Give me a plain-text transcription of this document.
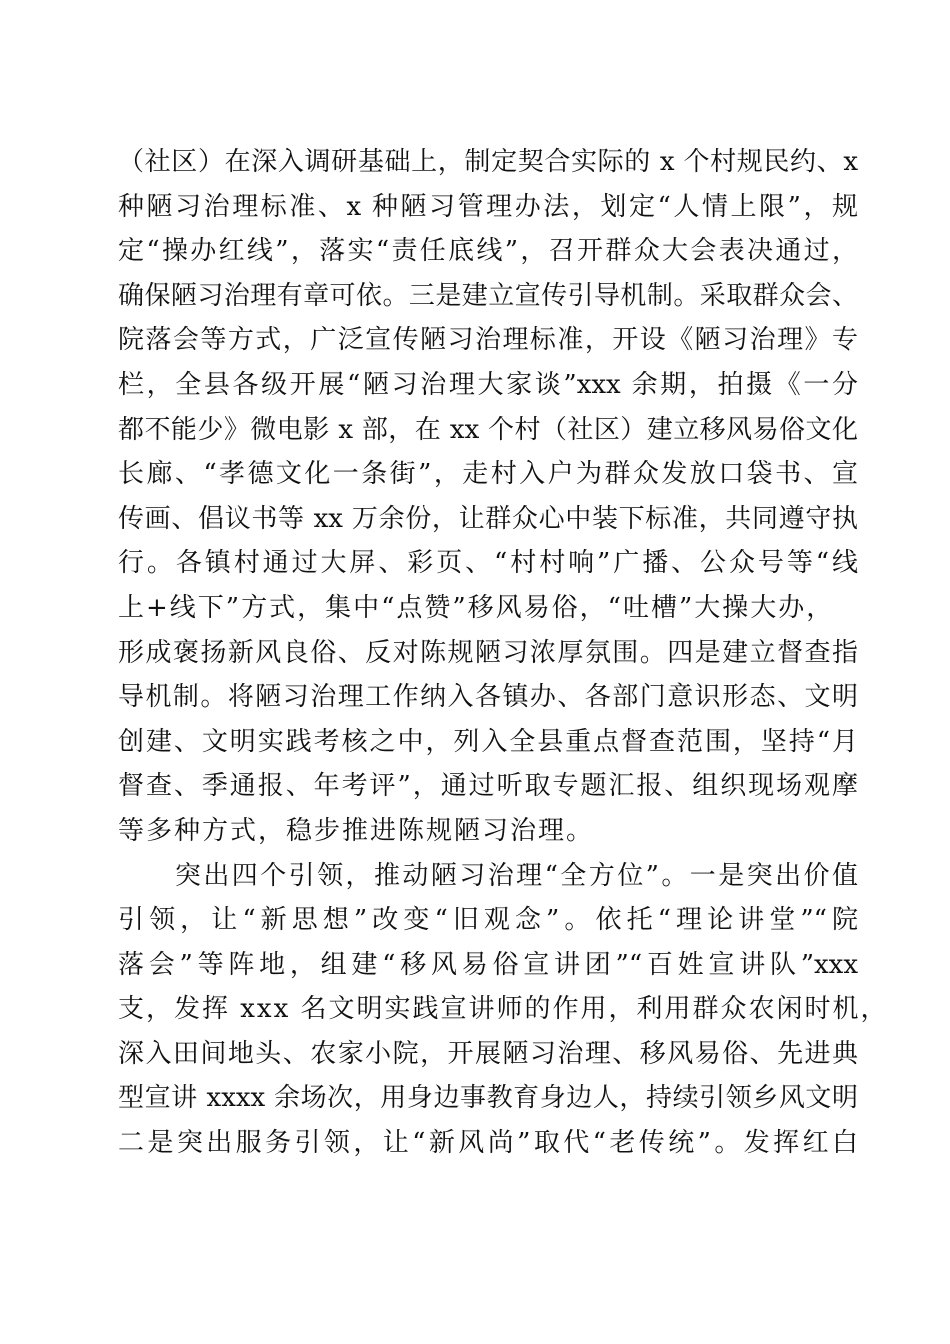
（社区）在深入调研基础上，制定契合实际的 x 个村规民约、x
种陋习治理标准、x 种陋习管理办法，划定“人情上限”，规
定“操办红线”，落实“责任底线”，召开群众大会表决通过，
确保陋习治理有章可依。三是建立宣传引导机制。采取群众会、
院落会等方式，广泛宣传陋习治理标准，开设《陋习治理》专
栏，全县各级开展“陋习治理大家谈”xxx 余期，拍摄《一分
都不能少》微电影 x 部，在 xx 个村（社区）建立移风易俗文化
长廊、“孝德文化一条街”，走村入户为群众发放口袋书、宣
传画、倡议书等 xx 万余份，让群众心中装下标准，共同遵守执
行。各镇村通过大屏、彩页、“村村响”广播、公众号等“线
上+线下”方式，集中“点赞”移风易俗，“吐槽”大操大办，
形成褒扬新风良俗、反对陈规陋习浓厚氛围。四是建立督查指
导机制。将陋习治理工作纳入各镇办、各部门意识形态、文明
创建、文明实践考核之中，列入全县重点督查范围，坚持“月
督查、季通报、年考评”，通过听取专题汇报、组织现场观摩
等多种方式，稳步推进陈规陋习治理。
　　突出四个引领，推动陋习治理“全方位”。一是突出价值
引领，让“新思想”改变“旧观念”。依托“理论讲堂”“院
落会”等阵地，组建“移风易俗宣讲团”“百姓宣讲队”xxx
支，发挥 xxx 名文明实践宣讲师的作用，利用群众农闲时机，
深入田间地头、农家小院，开展陋习治理、移风易俗、先进典
型宣讲 xxxx 余场次，用身边事教育身边人，持续引领乡风文明
二是突出服务引领，让“新风尚”取代“老传统”。发挥红白
